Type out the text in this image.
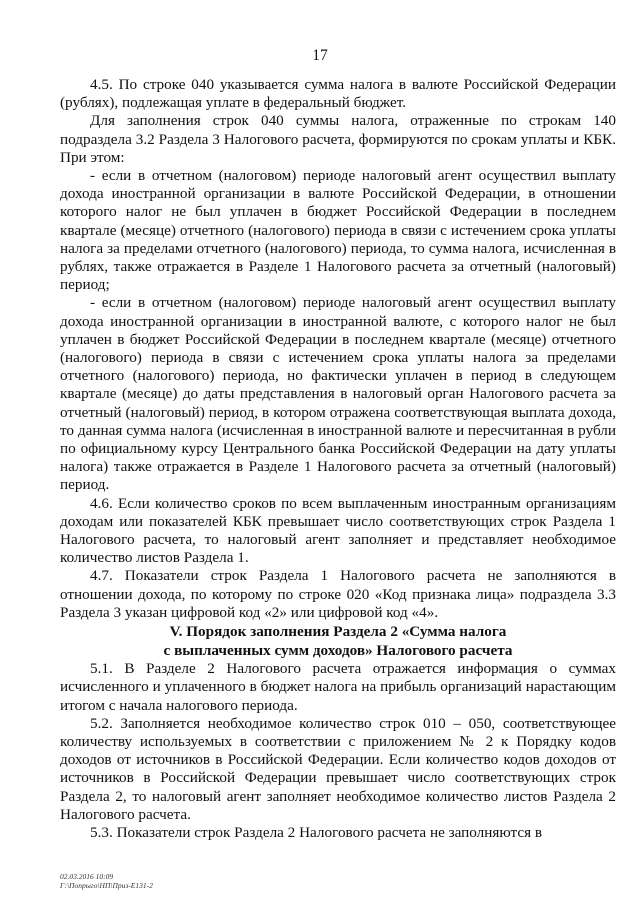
17

4.5. По строке 040 указывается сумма налога в валюте Российской Федерации (рублях), подлежащая уплате в федеральный бюджет.

Для заполнения строк 040 суммы налога, отраженные по строкам 140 подраздела 3.2 Раздела 3 Налогового расчета, формируются по срокам уплаты и КБК. При этом:

- если в отчетном (налоговом) периоде налоговый агент осуществил выплату дохода иностранной организации в валюте Российской Федерации, в отношении которого налог не был уплачен в бюджет Российской Федерации в последнем квартале (месяце) отчетного (налогового) периода в связи с истечением срока уплаты налога за пределами отчетного (налогового) периода, то сумма налога, исчисленная в рублях, также отражается в Разделе 1 Налогового расчета за отчетный (налоговый) период;

- если в отчетном (налоговом) периоде налоговый агент осуществил выплату дохода иностранной организации в иностранной валюте, с которого налог не был уплачен в бюджет Российской Федерации в последнем квартале (месяце) отчетного (налогового) периода в связи с истечением срока уплаты налога за пределами отчетного (налогового) периода, но фактически уплачен в период в следующем квартале (месяце) до даты представления в налоговый орган Налогового расчета за отчетный (налоговый) период, в котором отражена соответствующая выплата дохода, то данная сумма налога (исчисленная в иностранной валюте и пересчитанная в рубли по официальному курсу Центрального банка Российской Федерации на дату уплаты налога) также отражается в Разделе 1 Налогового расчета за отчетный (налоговый) период.

4.6. Если количество сроков по всем выплаченным иностранным организациям доходам или показателей КБК превышает число соответствующих строк Раздела 1 Налогового расчета, то налоговый агент заполняет и представляет необходимое количество листов Раздела 1.

4.7. Показатели строк Раздела 1 Налогового расчета не заполняются в отношении дохода, по которому по строке 020 «Код признака лица» подраздела 3.3 Раздела 3 указан цифровой код «2» или цифровой код «4».

V. Порядок заполнения Раздела 2 «Сумма налога
с выплаченных сумм доходов» Налогового расчета

5.1. В Разделе 2 Налогового расчета отражается информация о суммах исчисленного и уплаченного в бюджет налога на прибыль организаций нарастающим итогом с начала налогового периода.

5.2. Заполняется необходимое количество строк 010 – 050, соответствующее количеству используемых в соответствии с приложением № 2 к Порядку кодов доходов от источников в Российской Федерации. Если количество кодов доходов от источников в Российской Федерации превышает число соответствующих строк Раздела 2, то налоговый агент заполняет необходимое количество листов Раздела 2 Налогового расчета.

5.3. Показатели строк Раздела 2 Налогового расчета не заполняются в

02.03.2016 10:09
Г:\Попрыго\НП\Приз-Е131-2
